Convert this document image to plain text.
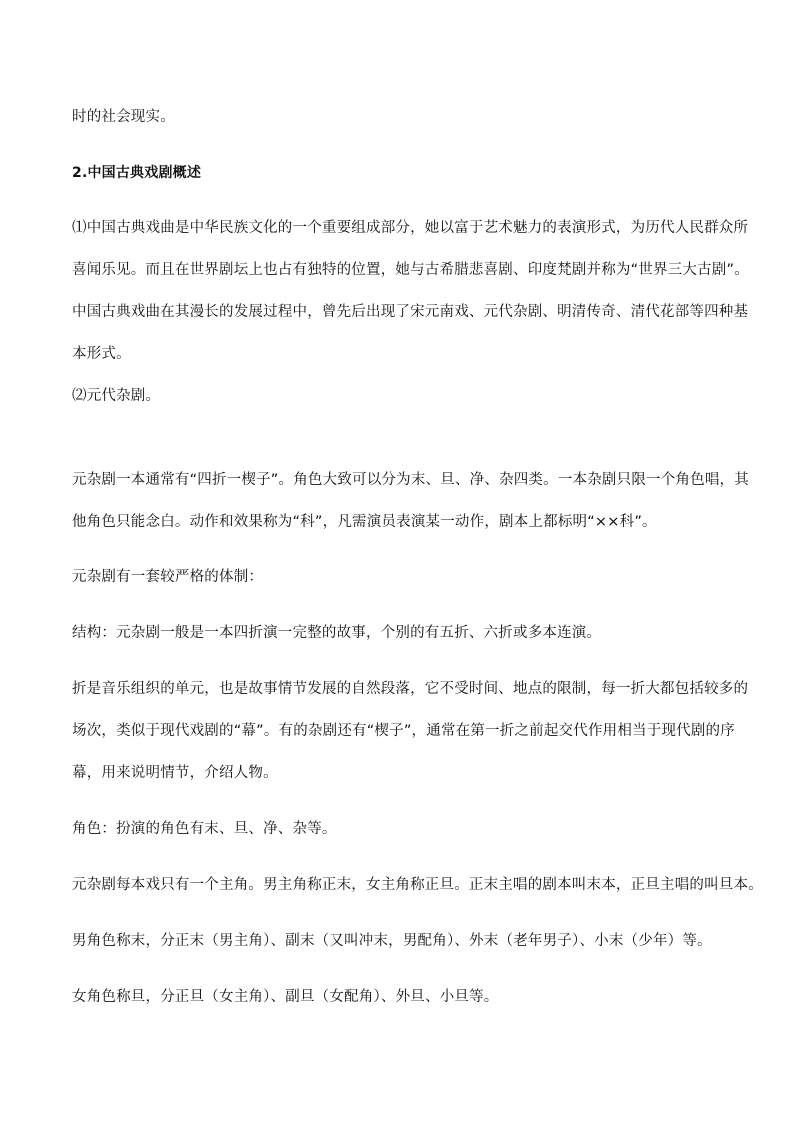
时的社会现实。
2.中国古典戏剧概述
⑴中国古典戏曲是中华民族文化的一个重要组成部分，她以富于艺术魅力的表演形式，为历代人民群众所
喜闻乐见。而且在世界剧坛上也占有独特的位置，她与古希腊悲喜剧、印度梵剧并称为“世界三大古剧”。
中国古典戏曲在其漫长的发展过程中，曾先后出现了宋元南戏、元代杂剧、明清传奇、清代花部等四种基
本形式。
⑵元代杂剧。
元杂剧一本通常有“四折一楔子”。角色大致可以分为末、旦、净、杂四类。一本杂剧只限一个角色唱，其
他角色只能念白。动作和效果称为“科”，凡需演员表演某一动作，剧本上都标明“××科”。
元杂剧有一套较严格的体制：
结构：元杂剧一般是一本四折演一完整的故事，个别的有五折、六折或多本连演。
折是音乐组织的单元，也是故事情节发展的自然段落，它不受时间、地点的限制，每一折大都包括较多的
场次，类似于现代戏剧的“幕”。有的杂剧还有“楔子”，通常在第一折之前起交代作用相当于现代剧的序
幕，用来说明情节，介绍人物。
角色：扮演的角色有末、旦、净、杂等。
元杂剧每本戏只有一个主角。男主角称正末，女主角称正旦。正末主唱的剧本叫末本，正旦主唱的叫旦本。
男角色称末，分正末（男主角）、副末（又叫冲末，男配角）、外末（老年男子）、小末（少年）等。
女角色称旦，分正旦（女主角）、副旦（女配角）、外旦、小旦等。
